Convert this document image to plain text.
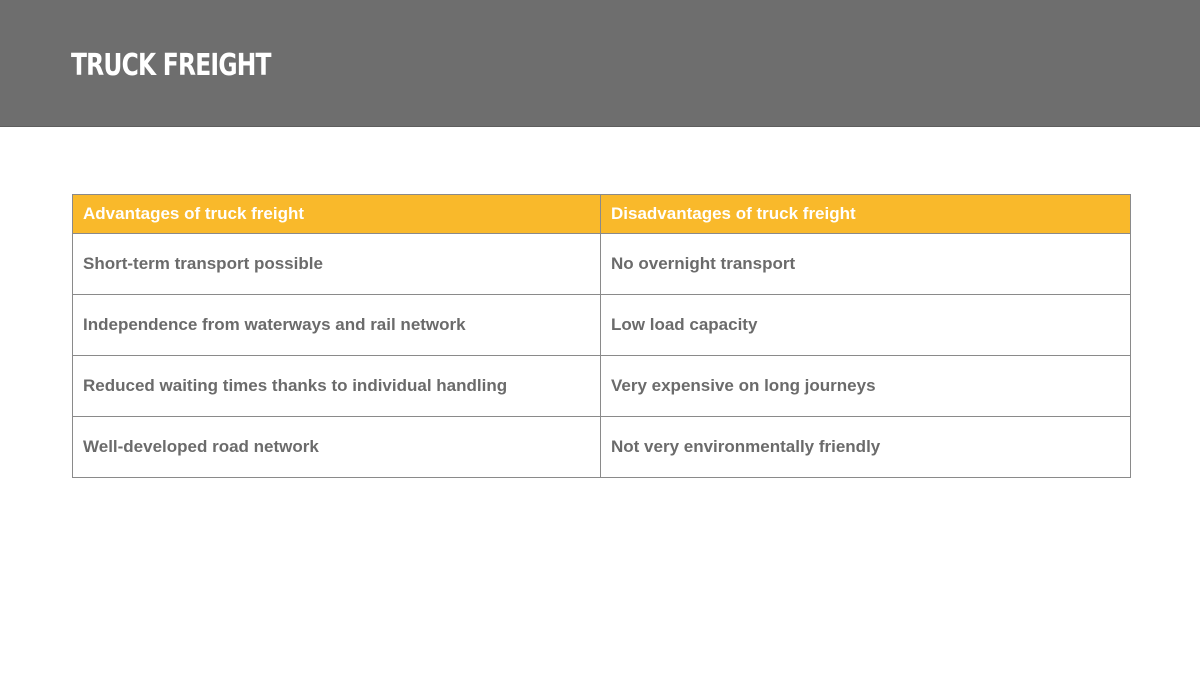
TRUCK FREIGHT
Advantages of truck freight	Disadvantages of truck freight
Short-term transport possible	No overnight transport
Independence from waterways and rail network	Low load capacity
Reduced waiting times thanks to individual handling	Very expensive on long journeys
Well-developed road network	Not very environmentally friendly
